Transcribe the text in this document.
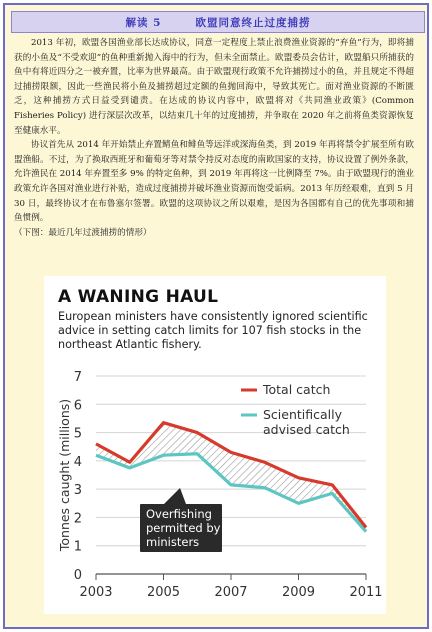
解读 5	欧盟同意终止过度捕捞

2013 年初，欧盟各国渔业部长达成协议，同意一定程度上禁止浪费渔业资源的“弃鱼”行为，即将捕获的小鱼及“不受欢迎”的鱼种重新抛入海中的行为，但未全面禁止。欧盟委员会估计，欧盟船只所捕获的鱼中有将近四分之一被弃置，比率为世界最高。由于欧盟现行政策不允许捕捞过小的鱼，并且规定不得超过捕捞限额，因此一些渔民将小鱼及捕捞超过定额的鱼抛回海中，导致其死亡。面对渔业资源的不断匮乏，这种捕捞方式日益受到谴责。在达成的协议内容中，欧盟将对《共同渔业政策》(Common Fisheries Policy) 进行深层次改革，以结束几十年的过度捕捞，并争取在 2020 年之前将鱼类资源恢复至健康水平。

协议首先从 2014 年开始禁止弃置鲭鱼和鲱鱼等远洋或深海鱼类，到 2019 年再将禁令扩展至所有欧盟渔船。不过，为了换取西班牙和葡萄牙等对禁令持反对态度的南欧国家的支持，协议设置了例外条款，允许渔民在 2014 年弃置至多 9% 的特定鱼种，到 2019 年再将这一比例降至 7%。由于欧盟现行的渔业政策允许各国对渔业进行补贴，造成过度捕捞并破坏渔业资源而饱受诟病。2013 年历经艰难，直到 5 月 30 日，最终协议才在布鲁塞尔签署。欧盟的这项协议之所以艰难，是因为各国都有自己的优先事项和捕鱼惯例。

（下图：最近几年过渡捕捞的情形）

0
1
2
3
4
5
6
7
2003	2005	2007	2009	2011
Tonnes caught (millions)
Total catch
Scientifically
advised catch
Overfishing
permitted by
ministers
A WANING HAUL
European ministers have consistently ignored scientific advice in setting catch limits for 107 fish stocks in the northeast Atlantic fishery.
